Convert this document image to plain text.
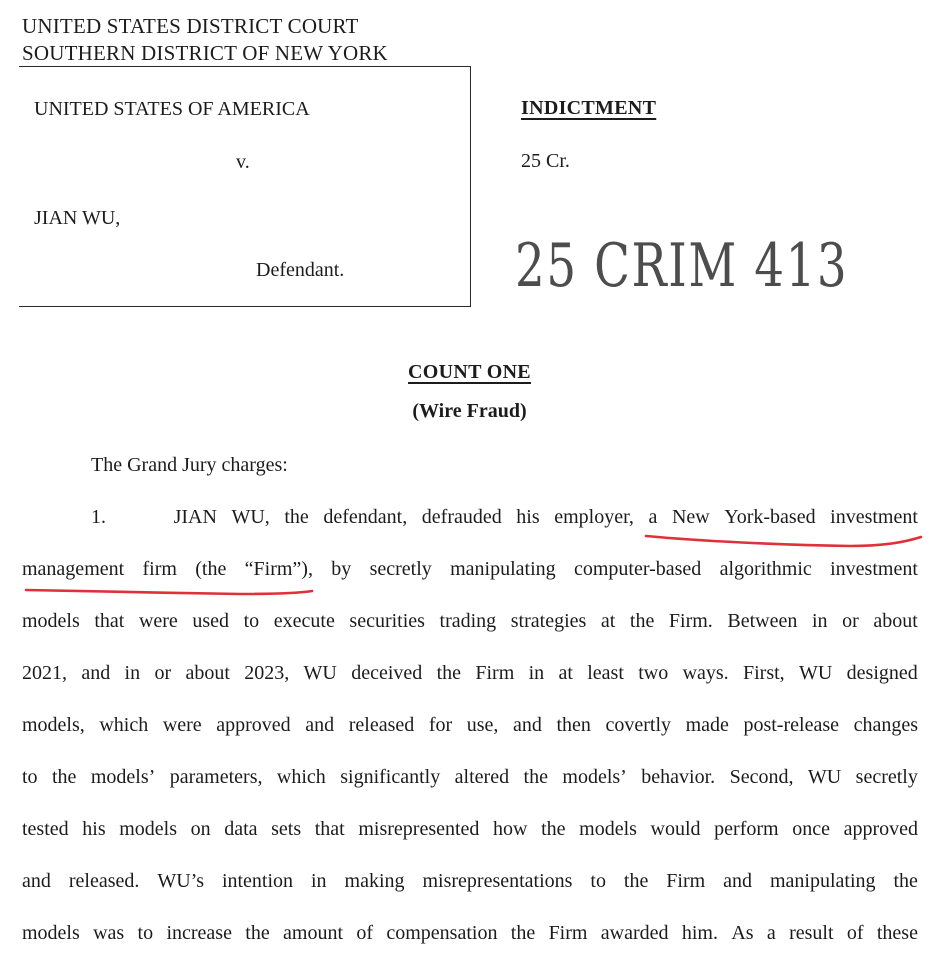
UNITED STATES DISTRICT COURT
SOUTHERN DISTRICT OF NEW YORK
UNITED STATES OF AMERICA
v.
JIAN WU,
Defendant.
INDICTMENT
25 Cr.
25 CRIM 413
COUNT ONE
(Wire Fraud)
The Grand Jury charges:
1.	JIAN WU, the defendant, defrauded his employer, a New York-based investment
management firm (the “Firm”), by secretly manipulating computer-based algorithmic investment
models that were used to execute securities trading strategies at the Firm. Between in or about
2021, and in or about 2023, WU deceived the Firm in at least two ways. First, WU designed
models, which were approved and released for use, and then covertly made post-release changes
to the models’ parameters, which significantly altered the models’ behavior. Second, WU secretly
tested his models on data sets that misrepresented how the models would perform once approved
and released. WU’s intention in making misrepresentations to the Firm and manipulating the
models was to increase the amount of compensation the Firm awarded him. As a result of these
